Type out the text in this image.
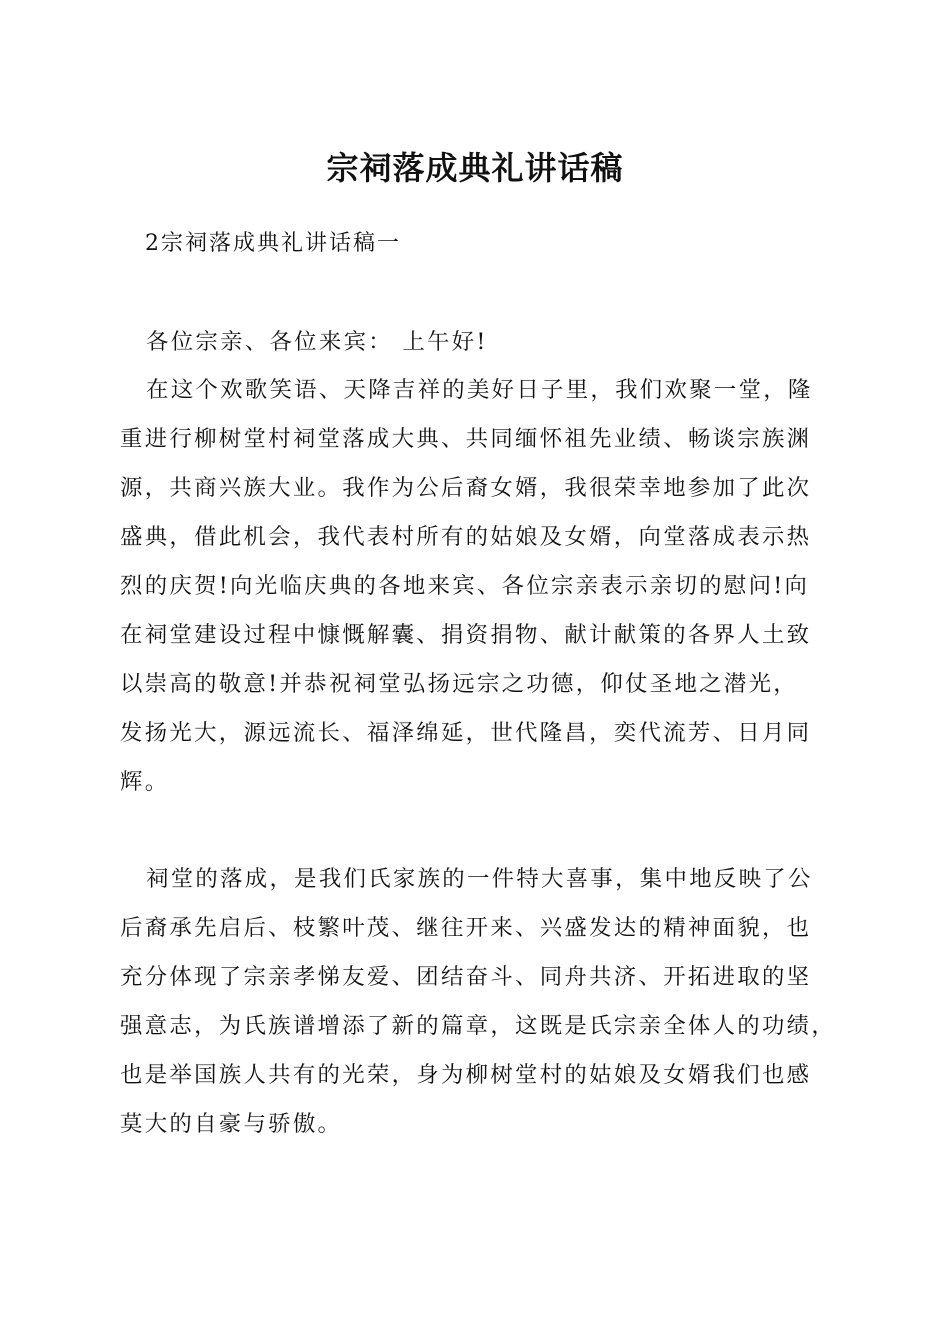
宗祠落成典礼讲话稿
2宗祠落成典礼讲话稿一
各位宗亲、各位来宾： 上午好!
在这个欢歌笑语、天降吉祥的美好日子里，我们欢聚一堂，隆
重进行柳树堂村祠堂落成大典、共同缅怀祖先业绩、畅谈宗族渊
源，共商兴族大业。我作为公后裔女婿，我很荣幸地参加了此次
盛典，借此机会，我代表村所有的姑娘及女婿，向堂落成表示热
烈的庆贺!向光临庆典的各地来宾、各位宗亲表示亲切的慰问!向
在祠堂建设过程中慷慨解囊、捐资捐物、献计献策的各界人土致
以崇高的敬意!并恭祝祠堂弘扬远宗之功德，仰仗圣地之潜光，
发扬光大，源远流长、福泽绵延，世代隆昌，奕代流芳、日月同
辉。
祠堂的落成，是我们氏家族的一件特大喜事，集中地反映了公
后裔承先启后、枝繁叶茂、继往开来、兴盛发达的精神面貌，也
充分体现了宗亲孝悌友爱、团结奋斗、同舟共济、开拓进取的坚
强意志，为氏族谱增添了新的篇章，这既是氏宗亲全体人的功绩，
也是举国族人共有的光荣，身为柳树堂村的姑娘及女婿我们也感
莫大的自豪与骄傲。
